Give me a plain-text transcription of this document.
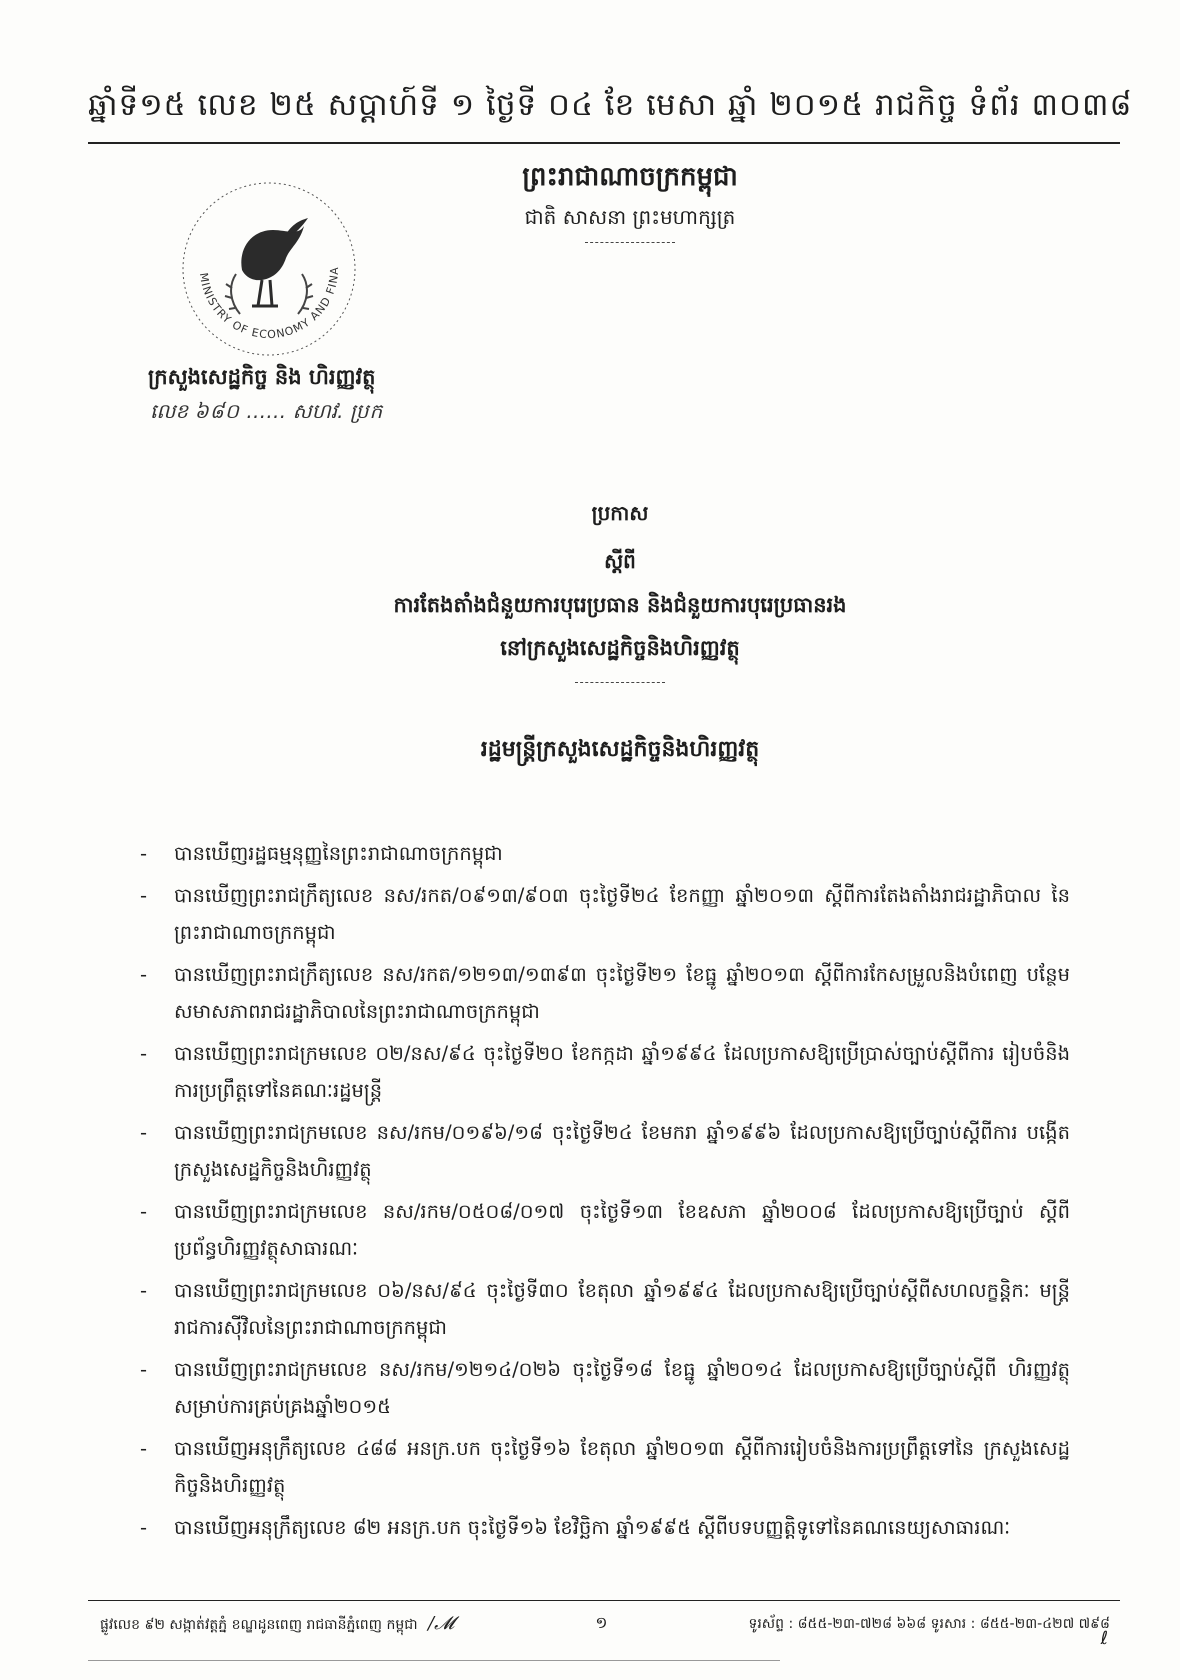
ឆ្នាំទី១៥ លេខ ២៥ សប្តាហ៍ទី ១ ថ្ងៃទី ០៤ ខែ មេសា ឆ្នាំ ២០១៥ រាជកិច្ច ទំព័រ ៣០៣៨
ព្រះរាជាណាចក្រកម្ពុជា
ជាតិ សាសនា ព្រះមហាក្សត្រ
MINISTRY OF ECONOMY AND FINA
ក្រសួងសេដ្ឋកិច្ច និង ហិរញ្ញវត្ថុ
លេខ ៦៨០ …… សហវ. ប្រក
ប្រកាស
ស្តីពី
ការតែងតាំងជំនួយការបុរេប្រធាន និងជំនួយការបុរេប្រធានរង
នៅក្រសួងសេដ្ឋកិច្ចនិងហិរញ្ញវត្ថុ
រដ្ឋមន្ត្រីក្រសួងសេដ្ឋកិច្ចនិងហិរញ្ញវត្ថុ
- បានឃើញរដ្ឋធម្មនុញ្ញនៃព្រះរាជាណាចក្រកម្ពុជា
- បានឃើញព្រះរាជក្រឹត្យលេខ នស/រកត/០៩១៣/៩០៣ ចុះថ្ងៃទី២៤ ខែកញ្ញា ឆ្នាំ២០១៣ ស្តីពីការតែងតាំងរាជរដ្ឋាភិបាល នៃព្រះរាជាណាចក្រកម្ពុជា
- បានឃើញព្រះរាជក្រឹត្យលេខ នស/រកត/១២១៣/១៣៩៣ ចុះថ្ងៃទី២១ ខែធ្នូ ឆ្នាំ២០១៣ ស្តីពីការកែសម្រួលនិងបំពេញ បន្ថែមសមាសភាពរាជរដ្ឋាភិបាលនៃព្រះរាជាណាចក្រកម្ពុជា
- បានឃើញព្រះរាជក្រមលេខ ០២/នស/៩៤ ចុះថ្ងៃទី២០ ខែកក្កដា ឆ្នាំ១៩៩៤ ដែលប្រកាសឱ្យប្រើប្រាស់ច្បាប់ស្តីពីការ រៀបចំនិងការប្រព្រឹត្តទៅនៃគណៈរដ្ឋមន្ត្រី
- បានឃើញព្រះរាជក្រមលេខ នស/រកម/០១៩៦/១៨ ចុះថ្ងៃទី២៤ ខែមករា ឆ្នាំ១៩៩៦ ដែលប្រកាសឱ្យប្រើច្បាប់ស្តីពីការ បង្កើតក្រសួងសេដ្ឋកិច្ចនិងហិរញ្ញវត្ថុ
- បានឃើញព្រះរាជក្រមលេខ នស/រកម/០៥០៨/០១៧ ចុះថ្ងៃទី១៣ ខែឧសភា ឆ្នាំ២០០៨ ដែលប្រកាសឱ្យប្រើច្បាប់ ស្តីពីប្រព័ន្ធហិរញ្ញវត្ថុសាធារណៈ
- បានឃើញព្រះរាជក្រមលេខ ០៦/នស/៩៤ ចុះថ្ងៃទី៣០ ខែតុលា ឆ្នាំ១៩៩៤ ដែលប្រកាសឱ្យប្រើច្បាប់ស្តីពីសហលក្ខន្តិកៈ មន្ត្រីរាជការស៊ីវិលនៃព្រះរាជាណាចក្រកម្ពុជា
- បានឃើញព្រះរាជក្រមលេខ នស/រកម/១២១៤/០២៦ ចុះថ្ងៃទី១៨ ខែធ្នូ ឆ្នាំ២០១៤ ដែលប្រកាសឱ្យប្រើច្បាប់ស្តីពី ហិរញ្ញវត្ថុសម្រាប់ការគ្រប់គ្រងឆ្នាំ២០១៥
- បានឃើញអនុក្រឹត្យលេខ ៤៨៨ អនក្រ.បក ចុះថ្ងៃទី១៦ ខែតុលា ឆ្នាំ២០១៣ ស្តីពីការរៀបចំនិងការប្រព្រឹត្តទៅនៃ ក្រសួងសេដ្ឋកិច្ចនិងហិរញ្ញវត្ថុ
- បានឃើញអនុក្រឹត្យលេខ ៨២ អនក្រ.បក ចុះថ្ងៃទី១៦ ខែវិច្ឆិកា ឆ្នាំ១៩៩៥ ស្តីពីបទបញ្ញត្តិទូទៅនៃគណនេយ្យសាធារណៈ
ផ្លូវលេខ ៩២ សង្កាត់វត្តភ្នំ ខណ្ឌដូនពេញ រាជធានីភ្នំពេញ កម្ពុជា /𝓜	១	ទូរស័ព្ទ : ៨៥៥-២៣-៧២៨ ៦៦៨ ទូរសារ : ៨៥៥-២៣-៤២៧ ៧៩៨
ℓ
